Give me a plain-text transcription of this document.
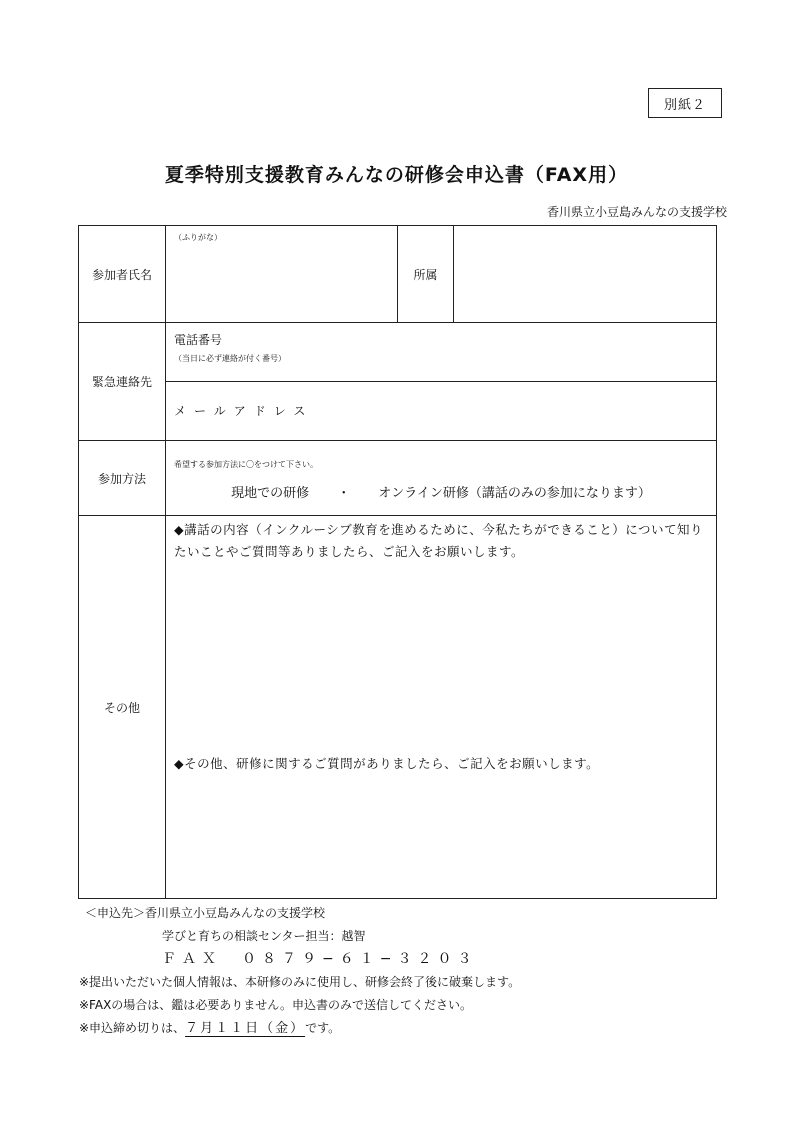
別紙２
夏季特別支援教育みんなの研修会申込書（FAX用）
香川県立小豆島みんなの支援学校
参加者氏名	（ふりがな）	所属	
緊急連絡先	電話番号
（当日に必ず連絡が付く番号）		

	メールアドレス		

参加方法	希望する参加方法に〇をつけて下さい。
現地での研修 ・ オンライン研修（講話のみの参加になります）		

その他	◆講話の内容（インクルーシブ教育を進めるために、今私たちができること）について知りたいことやご質問等ありましたら、ご記入をお願いします。
◆その他、研修に関するご質問がありましたら、ご記入をお願いします。		
＜申込先＞香川県立小豆島みんなの支援学校
学びと育ちの相談センター担当：越智
ＦＡＸ　０８７９−６１−３２０３
※提出いただいた個人情報は、本研修のみに使用し、研修会終了後に破棄します。
※FAXの場合は、鑑は必要ありません。申込書のみで送信してください。
※申込締め切りは、７月１１日（金）です。
